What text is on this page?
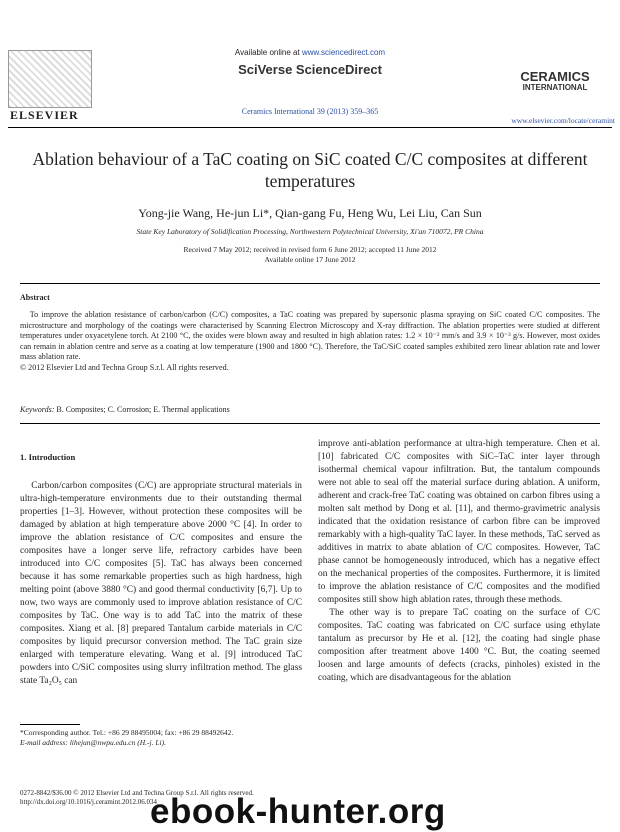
ELSEVIER
Available online at www.sciencedirect.com
SciVerse ScienceDirect
Ceramics International 39 (2013) 359–365
CERAMICS
INTERNATIONAL
www.elsevier.com/locate/ceramint
Ablation behaviour of a TaC coating on SiC coated C/C composites at different temperatures
Yong-jie Wang, He-jun Li*, Qian-gang Fu, Heng Wu, Lei Liu, Can Sun
State Key Laboratory of Solidification Processing, Northwestern Polytechnical University, Xi'an 710072, PR China
Received 7 May 2012; received in revised form 6 June 2012; accepted 11 June 2012
Available online 17 June 2012
Abstract

To improve the ablation resistance of carbon/carbon (C/C) composites, a TaC coating was prepared by supersonic plasma spraying on SiC coated C/C composites. The microstructure and morphology of the coatings were characterised by Scanning Electron Microscopy and X-ray diffraction. The ablation properties were studied at different temperatures under oxyacetylene torch. At 2100 °C, the oxides were blown away and resulted in high ablation rates: 1.2 × 10⁻² mm/s and 3.9 × 10⁻³ g/s. However, most oxides can remain in ablation centre and serve as a coating at low temperature (1900 and 1800 °C). Therefore, the TaC/SiC coated samples exhibited zero linear ablation rate and lower mass ablation rate.

© 2012 Elsevier Ltd and Techna Group S.r.l. All rights reserved.
Keywords: B. Composites; C. Corrosion; E. Thermal applications
1. Introduction

Carbon/carbon composites (C/C) are appropriate structural materials in ultra-high-temperature environments due to their outstanding thermal properties [1–3]. However, without protection these composites will be damaged by ablation at high temperature above 2000 °C [4]. In order to improve the ablation resistance of C/C composites and ensure the composites have a longer serve life, refractory carbides have been introduced into C/C composites [5]. TaC has always been concerned because it has some remarkable properties such as high hardness, high melting point (above 3880 °C) and good thermal conductivity [6,7]. Up to now, two ways are commonly used to improve ablation resistance of C/C composites by TaC. One way is to add TaC into the matrix of these composites. Xiang et al. [8] prepared Tantalum carbide materials in C/C composites by liquid precursor conversion method. The TaC grain size enlarged with temperature elevating. Wang et al. [9] introduced TaC powders into C/SiC composites using slurry infiltration method. The glass state Ta₂O₅ can

improve anti-ablation performance at ultra-high temperature. Chen et al. [10] fabricated C/C composites with SiC–TaC inter layer through isothermal chemical vapour infiltration. But, the tantalum compounds were not able to seal off the material surface during ablation. A uniform, adherent and crack-free TaC coating was obtained on carbon fibres using a molten salt method by Dong et al. [11], and thermo-gravimetric analysis indicated that the oxidation resistance of carbon fibre can be improved remarkably with a high-quality TaC layer. In these methods, TaC served as additives in matrix to abate ablation of C/C composites. However, TaC phase cannot be homogeneously introduced, which has a negative effect on the mechanical properties of the composites. Furthermore, it is limited to improve the ablation resistance of C/C composites and the modified composites still show high ablation rates, through these methods.

The other way is to prepare TaC coating on the surface of C/C composites. TaC coating was fabricated on C/C surface using ethylate tantalum as precursor by He et al. [12], the coating had single phase composition after treatment above 1400 °C. But, the coating seemed loosen and large amounts of defects (cracks, pinholes) existed in the coating, which are disadvantageous for the ablation

*Corresponding author. Tel.: +86 29 88495004; fax: +86 29 88492642.
E-mail address: lihejun@nwpu.edu.cn (H.-j. Li).
0272-8842/$36.00 © 2012 Elsevier Ltd and Techna Group S.r.l. All rights reserved.
http://dx.doi.org/10.1016/j.ceramint.2012.06.034
ebook-hunter.org
